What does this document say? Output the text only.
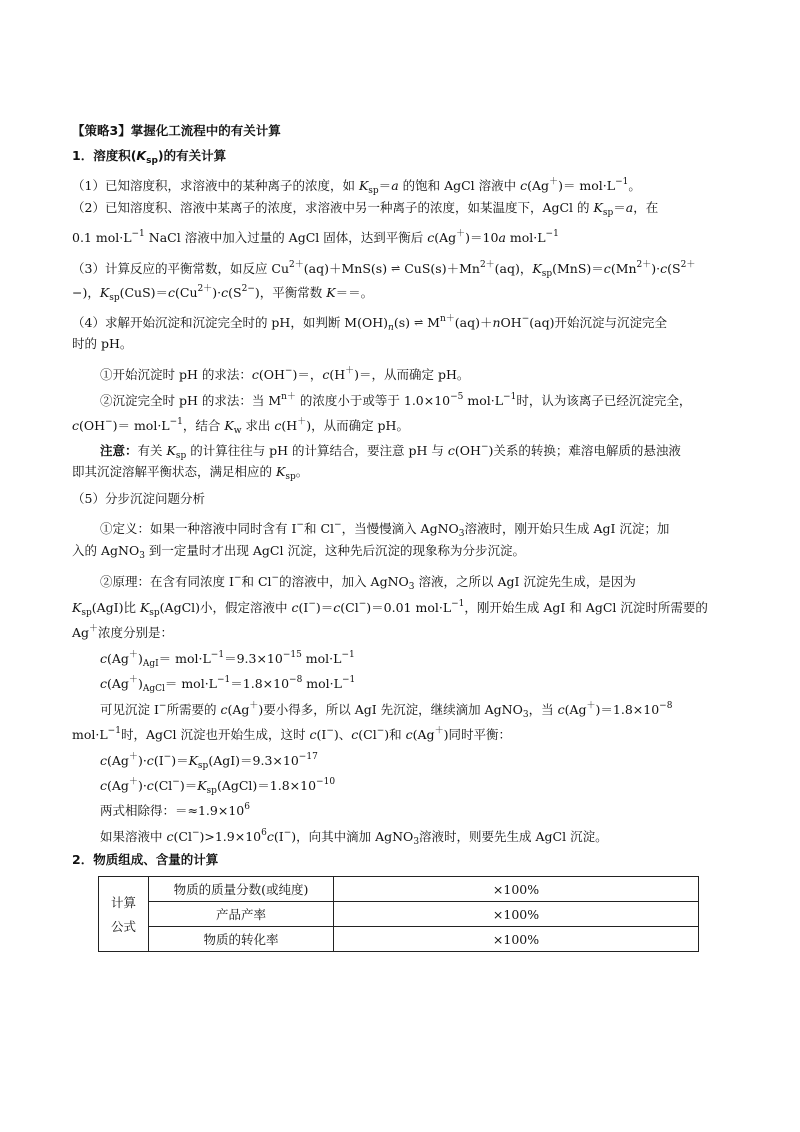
【策略3】掌握化工流程中的有关计算
1．溶度积$(K_{sp})$的有关计算
（1）已知溶度积，求溶液中的某种离子的浓度，如 $K_{sp}=a$ 的饱和 AgCl 溶液中 $c(Ag^+)= mol\cdot L^{-1}$。
（2）已知溶度积、溶液中某离子的浓度，求溶液中另一种离子的浓度，如某温度下，AgCl 的 $K_{sp}=a$，在
0.1 $mol\cdot L^{-1}$ NaCl 溶液中加入过量的 AgCl 固体，达到平衡后 c(Ag＋)＝10a $mol\cdot L^{-1}$
（3）计算反应的平衡常数，如反应 $Cu^{2+}(aq)+MnS(s)$ ⇌ $CuS(s)+Mn^{2+}(aq)$，$K_{sp}(MnS)=c(Mn^{2+})\cdot c(S^{2+}$
−)，$K_{sp}(CuS)=c(Cu^{2+})\cdot c(S^{2-})$，平衡常数 K＝＝。
（4）求解开始沉淀和沉淀完全时的 pH，如判断 $M(OH)_n(s)$ ⇌ $M^{n+}(aq)+nOH^-(aq)$开始沉淀与沉淀完全
时的 pH。
①开始沉淀时 pH 的求法：c(OH−)＝，c(H＋)＝，从而确定 pH。
②沉淀完全时 pH 的求法：当 $M^{n+}$ 的浓度小于或等于 $1.0\times 10^{-5}$ $mol\cdot L^{-1}$时，认为该离子已经沉淀完全，
$c(OH^-)= mol\cdot L^{-1}$，结合 $K_w$ 求出 c(H＋)，从而确定 pH。
注意：有关 $K_{sp}$ 的计算往往与 pH 的计算结合，要注意 pH 与 c(OH−)关系的转换；难溶电解质的悬浊液
即其沉淀溶解平衡状态，满足相应的 $K_{sp}$。
（5）分步沉淀问题分析
①定义：如果一种溶液中同时含有 I−和 Cl−，当慢慢滴入 AgNO$_3$溶液时，刚开始只生成 AgI 沉淀；加
入的 AgNO$_3$ 到一定量时才出现 AgCl 沉淀，这种先后沉淀的现象称为分步沉淀。
②原理：在含有同浓度 I−和 Cl−的溶液中，加入 AgNO$_3$ 溶液，之所以 AgI 沉淀先生成，是因为
$K_{sp}(AgI)$比 $K_{sp}(AgCl)$小，假定溶液中 c(I−)＝c(Cl−)＝0.01 $mol\cdot L^{-1}$，刚开始生成 AgI 和 AgCl 沉淀时所需要的
Ag＋浓度分别是：
$c(Ag^+)_{AgI}= mol\cdot L^{-1}=9.3\times 10^{-15}$ $mol\cdot L^{-1}$
$c(Ag^+)_{AgCl}= mol\cdot L^{-1}=1.8\times 10^{-8}$ $mol\cdot L^{-1}$
可见沉淀 I−所需要的 c(Ag＋)要小得多，所以 AgI 先沉淀，继续滴加 AgNO$_3$，当 $c(Ag^+)=1.8\times 10^{-8}$
$mol\cdot L^{-1}$时，AgCl 沉淀也开始生成，这时 c(I−)、c(Cl−)和 c(Ag＋)同时平衡：
$c(Ag^+)\cdot c(I^-)=K_{sp}(AgI)=9.3\times 10^{-17}$
$c(Ag^+)\cdot c(Cl^-)=K_{sp}(AgCl)=1.8\times 10^{-10}$
两式相除得：$=\approx 1.9\times 10^6$
如果溶液中 $c(Cl^-)>1.9\times 10^6c(I^-)$，向其中滴加 AgNO$_3$溶液时，则要先生成 AgCl 沉淀。
2．物质组成、含量的计算
计算
公式	物质的质量分数(或纯度)	×100%
	产品产率	×100%
	物质的转化率	×100%
